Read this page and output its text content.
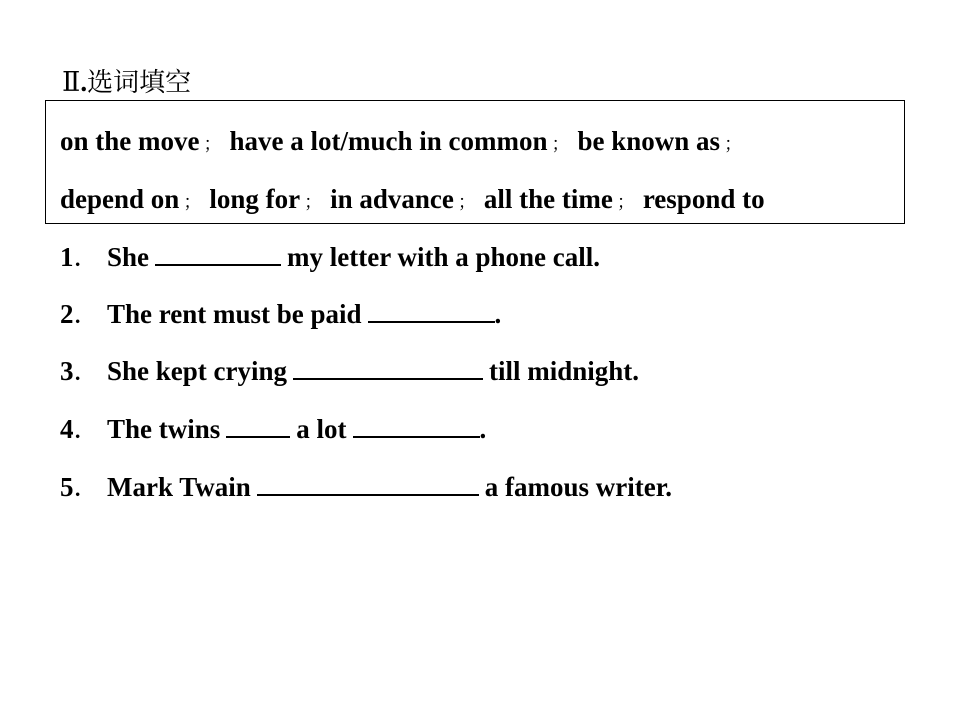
Ⅱ.选词填空
on the move ； have a lot/much in common ； be known as ；
depend on ； long for ； in advance ； all the time ； respond to
1． She	my letter with a phone call.
2． The rent must be paid	.
3． She kept crying	till midnight.
4． The twins	a lot	.
5． Mark Twain	a famous writer.
